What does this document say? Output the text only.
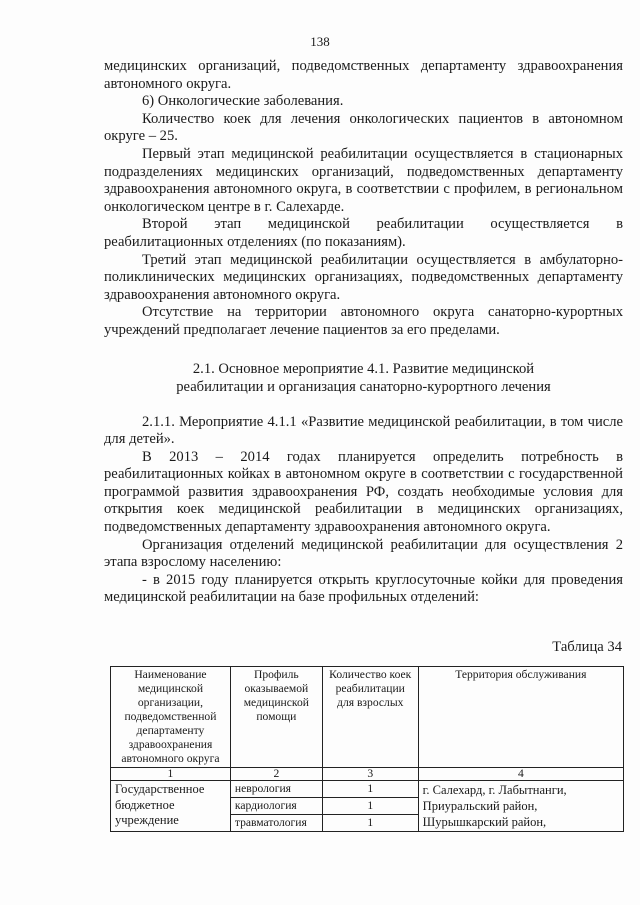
138

медицинских организаций, подведомственных департаменту здравоохранения автономного округа.

6) Онкологические заболевания.

Количество коек для лечения онкологических пациентов в автономном округе – 25.

Первый этап медицинской реабилитации осуществляется в стационарных подразделениях медицинских организаций, подведомственных департаменту здравоохранения автономного округа, в соответствии с профилем, в региональном онкологическом центре в г. Салехарде.

Второй этап медицинской реабилитации осуществляется в реабилитационных отделениях (по показаниям).

Третий этап медицинской реабилитации осуществляется в амбулаторно-поликлинических медицинских организациях, подведомственных департаменту здравоохранения автономного округа.

Отсутствие на территории автономного округа санаторно-курортных учреждений предполагает лечение пациентов за его пределами.

2.1. Основное мероприятие 4.1. Развитие медицинской
реабилитации и организация санаторно-курортного лечения

2.1.1. Мероприятие 4.1.1 «Развитие медицинской реабилитации, в том числе для детей».

В 2013 – 2014 годах планируется определить потребность в реабилитационных койках в автономном округе в соответствии с государственной программой развития здравоохранения РФ, создать необходимые условия для открытия коек медицинской реабилитации в медицинских организациях, подведомственных департаменту здравоохранения автономного округа.

Организация отделений медицинской реабилитации для осуществления 2 этапа взрослому населению:

- в 2015 году планируется открыть круглосуточные койки для проведения медицинской реабилитации на базе профильных отделений:

Таблица 34
Наименование медицинской организации, подведомственной департаменту здравоохранения автономного округа	Профиль оказываемой медицинской помощи	Количество коек реабилитации для взрослых	Территория обслуживания
1	2	3	4
Государственное бюджетное учреждение	неврология	1	г. Салехард, г. Лабытнанги, Приуральский район, Шурышкарский район,
	кардиология	1	
	травматология	1	
